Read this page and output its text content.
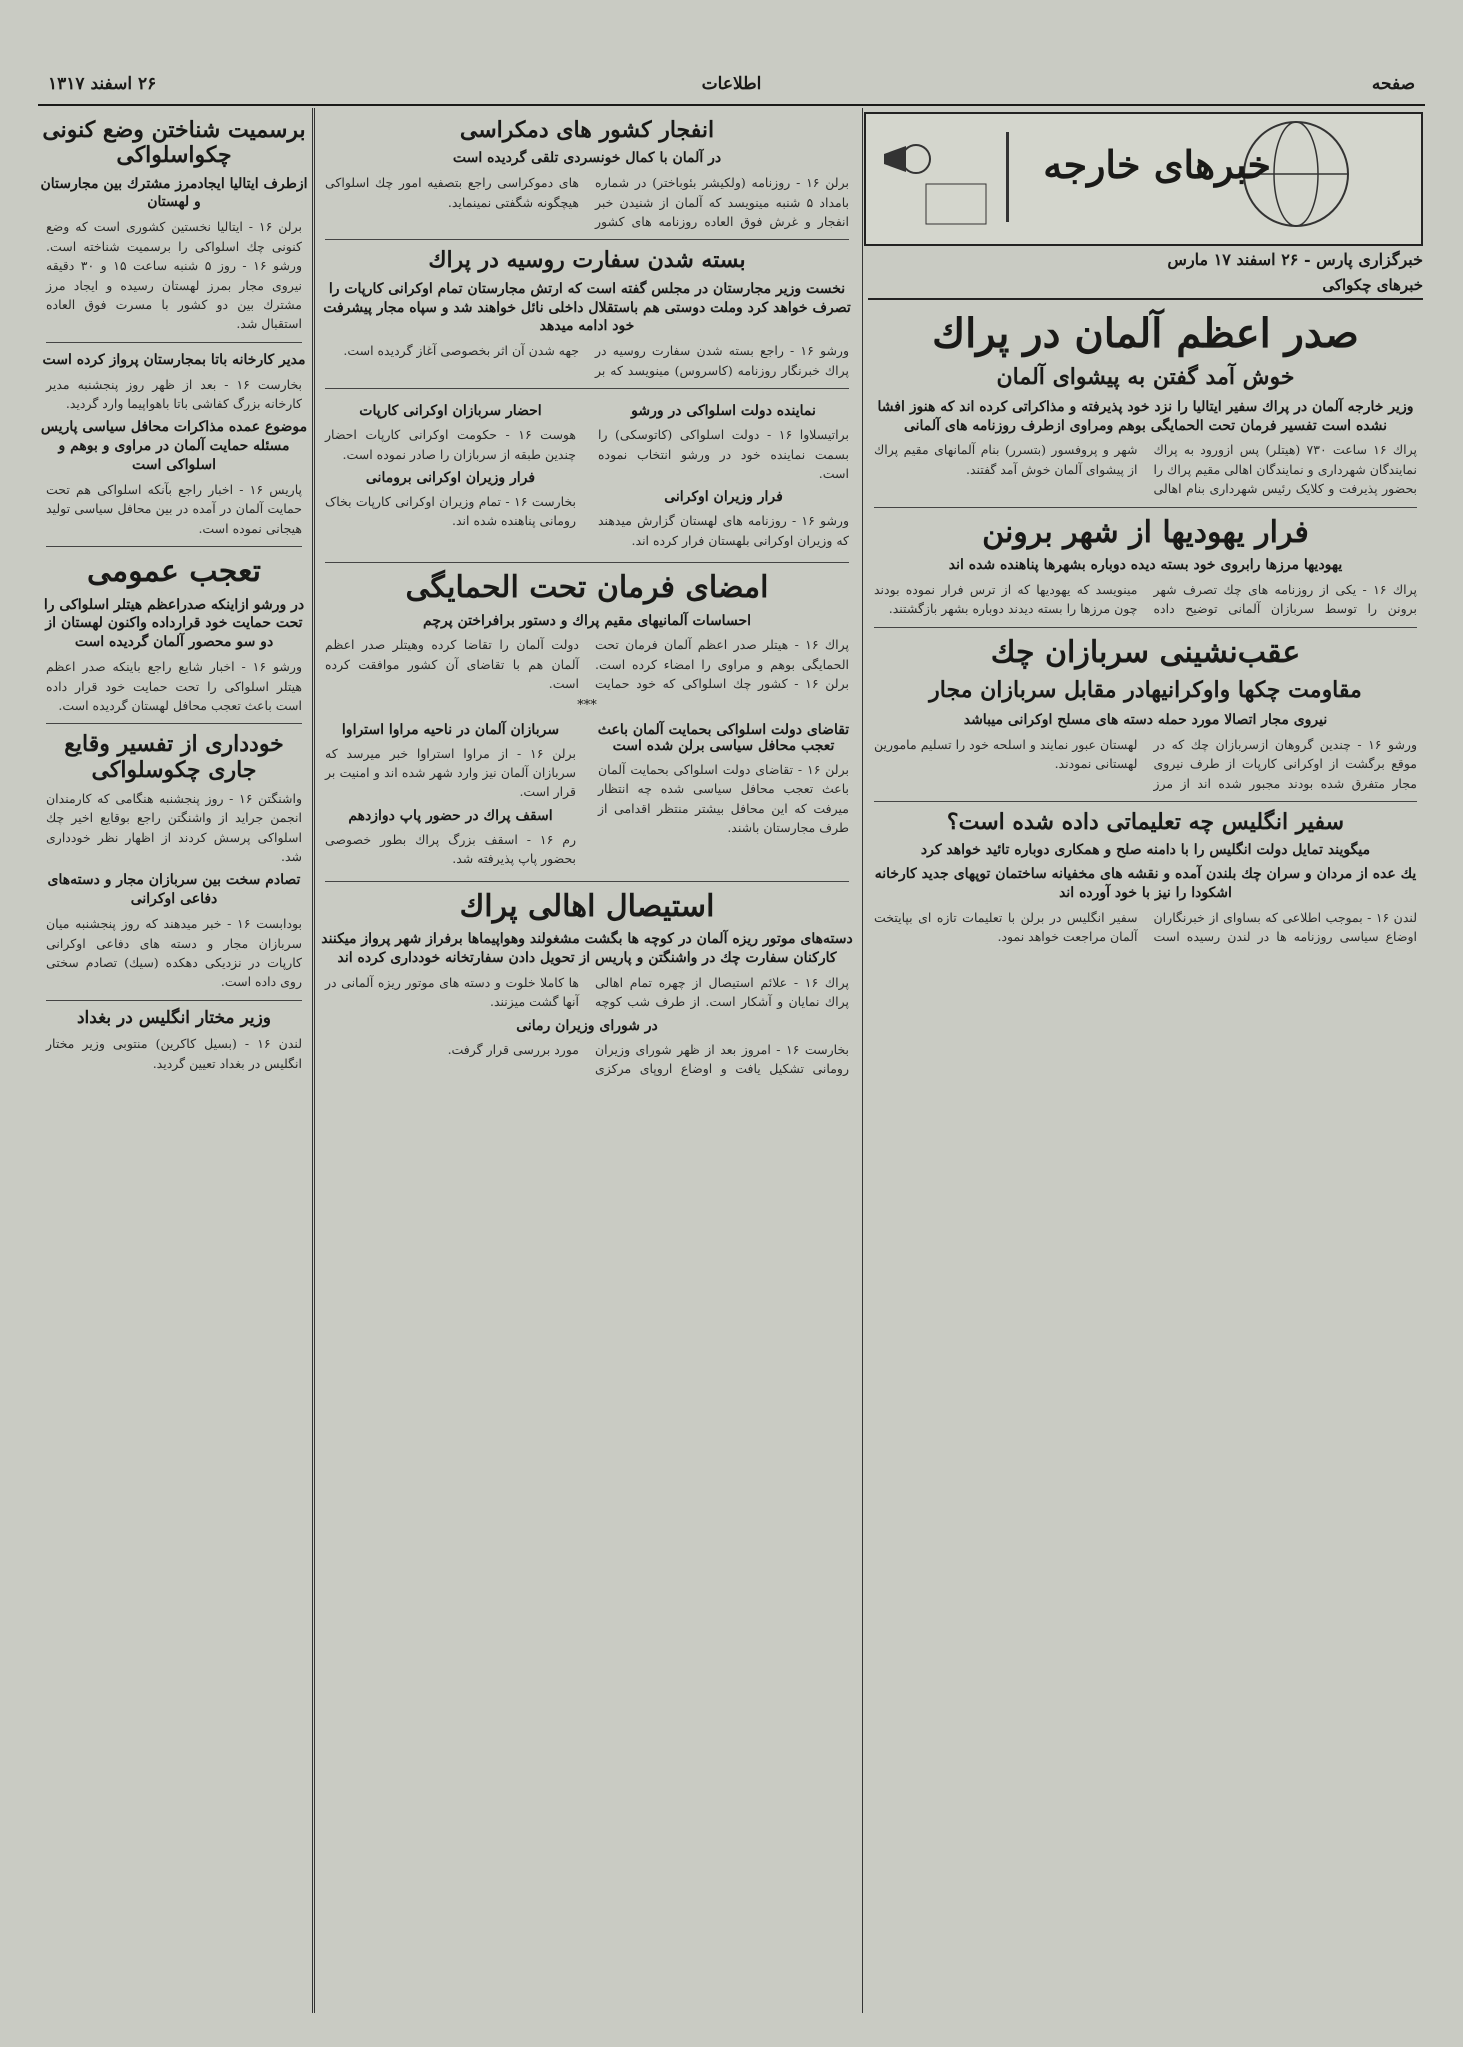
صفحه
اطلاعات
۲۶ اسفند ۱۳۱۷
خبرهای خارجه
خبرگزاری پارس - ۲۶ اسفند ۱۷ مارس
خبرهای چکواکی
صدر اعظم آلمان در پراك
خوش آمد گفتن به پیشوای آلمان
وزیر خارجه آلمان در پراك سفیر ایتالیا را نزد خود پذیرفته و مذاکراتی کرده اند که هنوز افشا نشده است تفسیر فرمان تحت الحمایگی بوهم ومراوی ازطرف روزنامه های آلمانی
پراك ۱۶ ساعت ۷۳۰ (هیتلر) پس ازورود به پراك نمایندگان شهرداری و نمایندگان اهالی مقیم پراك را بحضور پذیرفت و کلایک رئیس شهرداری بنام اهالی شهر و پروفسور (بتسرر) بنام آلمانهای مقیم پراك از پیشوای آلمان خوش آمد گفتند.
فرار یهودیها از شهر برونن
یهودیها مرزها رابروی خود بسته دیده دوباره بشهرها پناهنده شده اند
پراك ۱۶ - یکی از روزنامه های چك تصرف شهر برونن را توسط سربازان آلمانی توضیح داده مینویسد که یهودیها که از ترس فرار نموده بودند چون مرزها را بسته دیدند دوباره بشهر بازگشتند.
عقب‌نشینی سربازان چك
مقاومت چکها واوکرانیهادر مقابل سربازان مجار
نیروی مجار اتصالا مورد حمله دسته های مسلح اوکرانی میباشد
ورشو ۱۶ - چندین گروهان ازسربازان چك که در موقع برگشت از اوکرانی کارپات از طرف نیروی مجار متفرق شده بودند مجبور شده اند از مرز لهستان عبور نمایند و اسلحه خود را تسلیم مامورین لهستانی نمودند.
سفیر انگلیس چه تعلیماتی داده شده است؟
میگویند تمایل دولت انگلیس را با دامنه صلح و همکاری دوباره تائید خواهد کرد
یك عده از مردان و سران چك بلندن آمده و نقشه های مخفیانه ساختمان توپهای جدید کارخانه اشکودا را نیز با خود آورده اند
لندن ۱۶ - بموجب اطلاعی که بساوای از خبرنگاران اوضاع سیاسی روزنامه ها در لندن رسیده است سفیر انگلیس در برلن با تعلیمات تازه ای بپایتخت آلمان مراجعت خواهد نمود.
انفجار کشور های دمکراسی
در آلمان با کمال خونسردی تلقی گردیده است
برلن ۱۶ - روزنامه (ولکیشر بئوباختر) در شماره بامداد ۵ شنبه مینویسد که آلمان از شنیدن خبر انفجار و غرش فوق العاده روزنامه های کشور های دموکراسی راجع بتصفیه امور چك اسلواکی هیچگونه شگفتی نمینماید.
بسته شدن سفارت روسیه در پراك
نخست وزیر مجارستان در مجلس گفته است که ارتش مجارستان تمام اوکرانی کارپات را تصرف خواهد کرد وملت دوستی هم باستقلال داخلی نائل خواهند شد و سپاه مجار پیشرفت خود ادامه میدهد
ورشو ۱۶ - راجع بسته شدن سفارت روسیه در پراك خبرنگار روزنامه (کاسروس) مینویسد که بر جهه شدن آن اثر بخصوصی آغاز گردیده است.
نماینده دولت اسلواکی در ورشو
براتیسلاوا ۱۶ - دولت اسلواکی (کاتوسکی) را بسمت نماینده خود در ورشو انتخاب نموده است.
فرار وزیران اوکرانی
ورشو ۱۶ - روزنامه های لهستان گزارش میدهند که وزیران اوکرانی بلهستان فرار کرده اند.
احضار سربازان اوکرانی کارپات
هوست ۱۶ - حکومت اوکرانی کارپات احضار چندین طبقه از سربازان را صادر نموده است.
فرار وزیران اوکرانی برومانی
بخارست ۱۶ - تمام وزیران اوکرانی کارپات بخاک رومانی پناهنده شده اند.
امضای فرمان تحت الحمایگی
احساسات آلمانیهای مقیم پراك و دستور برافراختن پرچم
پراك ۱۶ - هیتلر صدر اعظم آلمان فرمان تحت الحمایگی بوهم و مراوی را امضاء کرده است. برلن ۱۶ - کشور چك اسلواکی که خود حمایت دولت آلمان را تقاضا کرده وهیتلر صدر اعظم آلمان هم با تقاضای آن کشور موافقت کرده است.
***
تقاضای دولت اسلواکی بحمایت آلمان باعث تعجب محافل سیاسی برلن شده است
برلن ۱۶ - تقاضای دولت اسلواکی بحمایت آلمان باعث تعجب محافل سیاسی شده چه انتظار میرفت که این محافل بیشتر منتظر اقدامی از طرف مجارستان باشند.
سربازان آلمان در ناحیه مراوا استراوا
برلن ۱۶ - از مراوا استراوا خبر میرسد که سربازان آلمان نیز وارد شهر شده اند و امنیت بر قرار است.
اسقف پراك در حضور پاپ دوازدهم
رم ۱۶ - اسقف بزرگ پراك بطور خصوصی بحضور پاپ پذیرفته شد.
استیصال اهالی پراك
دسته‌های موتور ریزه آلمان در کوچه ها بگشت مشغولند وهواپیماها برفراز شهر پرواز میکنند کارکنان سفارت چك در واشنگتن و پاریس از تحویل دادن سفارتخانه خودداری کرده اند
پراك ۱۶ - علائم استیصال از چهره تمام اهالی پراك نمایان و آشکار است. از طرف شب کوچه ها کاملا خلوت و دسته های موتور ریزه آلمانی در آنها گشت میزنند.
در شورای وزیران رمانی
بخارست ۱۶ - امروز بعد از ظهر شورای وزیران رومانی تشکیل یافت و اوضاع اروپای مرکزی مورد بررسی قرار گرفت.
برسمیت شناختن وضع کنونی چکواسلواکی
ازطرف ایتالیا ایجادمرز مشترك بین مجارستان و لهستان
برلن ۱۶ - ایتالیا نخستین کشوری است که وضع کنونی چك اسلواکی را برسمیت شناخته است. ورشو ۱۶ - روز ۵ شنبه ساعت ۱۵ و ۳۰ دقیقه نیروی مجار بمرز لهستان رسیده و ایجاد مرز مشترك بین دو کشور با مسرت فوق العاده استقبال شد.
مدیر کارخانه باتا بمجارستان پرواز کرده است
بخارست ۱۶ - بعد از ظهر روز پنجشنبه مدیر کارخانه بزرگ کفاشی باتا باهواپیما وارد گردید.
موضوع عمده مذاکرات محافل سیاسی پاریس مسئله حمایت آلمان در مراوی و بوهم و اسلواکی است
پاریس ۱۶ - اخبار راجع بآنکه اسلواکی هم تحت حمایت آلمان در آمده در بین محافل سیاسی تولید هیجانی نموده است.
تعجب عمومی
در ورشو ازاینکه صدراعظم هیتلر اسلواکی را تحت حمایت خود قرارداده واکنون لهستان از دو سو محصور آلمان گردیده است
ورشو ۱۶ - اخبار شایع راجع باینکه صدر اعظم هیتلر اسلواکی را تحت حمایت خود قرار داده است باعث تعجب محافل لهستان گردیده است.
خودداری از تفسیر وقایع جاری چکوسلواکی
واشنگتن ۱۶ - روز پنجشنبه هنگامی که کارمندان انجمن جراید از واشنگتن راجع بوقایع اخیر چك اسلواکی پرسش کردند از اظهار نظر خودداری شد.
تصادم سخت بین سربازان مجار و دسته‌های دفاعی اوکرانی
بودابست ۱۶ - خبر میدهند که روز پنجشنبه میان سربازان مجار و دسته های دفاعی اوکرانی کارپات در نزدیکی دهکده (سیك) تصادم سختی روی داده است.
وزیر مختار انگلیس در بغداد
لندن ۱۶ - (بسیل کاکرین) منتوبی وزیر مختار انگلیس در بغداد تعیین گردید.
